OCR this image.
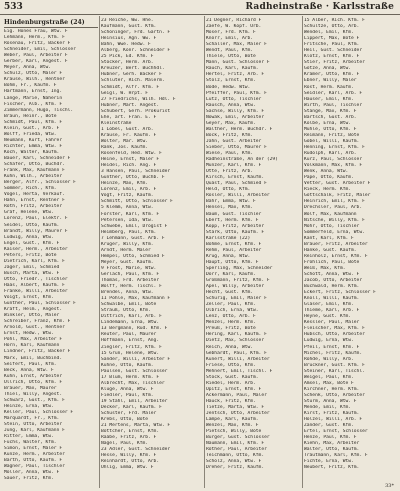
533	Radheinstraße · Karlsstraße
Hindenburgstraße (24)
Eig. Hönes Frau, Wtw. F
Lehmann, Herm., Kfm. F
Rosenau, Fritz, Bäcker F
Schneider, Emil, Schlosser
Weber, Paul, Arbeiter F
Gerber, Karl, Angest. F
Meyer, Anna, Wtw.
Schulz, Otto, Maler F
Krause, Wilh., Rentner
Böhm, Fr., Kaufm. F
Hartmann, Ernst, Ing.
Lange, Marie, Näherin
Fischer, Alb., Kfm. F
Zimmermann, Hugo, Tischl.
Braun, Heinr., Bote
Schmidt, Paul, Kfm. F
Klein, Gust., Arb. F
Wolff, Frieda, Wtw.
Neumann, Kurt, Fahrer
Richter, Emma, Wtw. F
Koch, Walter, Kaufm.
Bauer, Karl, Schneider F
Schäfer, Otto, Buchdr.
Frank, Max, Kaufmann F
Kühn, Wilh., Arbeiter
Berger, Alfr., Schlosser F
Sommer, Rich., Kfm.
Vogel, Herta, Verkäuf.
Hahn, Ernst, Rentner F
Roth, Fritz, Arbeiter
Graf, Helene, Wtw.
Lorenz, Paul, Elektr. F
Seidel, Otto, Kaufm.
Brandt, Willy, Maurer F
Ludwig, Anna, Wtw.
Engel, Gust., Kfm. F
Kaiser, Herm., Arbeiter
Peters, Fritz, Bote
Dietrich, Karl, Kfm. F
Jäger, Emil, Schmied
Busch, Marta, Wtw. F
Otto, Friedr., Tischler
Haas, Albert, Kaufm. F
Franke, Willi, Arbeiter
Voigt, Ernst, Kfm.
Günther, Paul, Schlosser F
Kraft, Helm., Angest.
Winkler, Otto, Maler
Schreiber, Franz, Kfm. F
Arnold, Gust., Rentner
Ernst, Hedw., Wtw.
Pohl, Max, Arbeiter F
Horn, Karl, Kaufmann
Lindner, Fritz, Bäcker F
Marx, Emil, Buchbind.
Seifert, Paul, Kfm.
Beck, Anna, Wtw. F
Kuhn, Ernst, Arbeiter
Ullrich, Otto, Kfm. F
Brauer, Max, Maurer
Thiel, Willy, Angest.
Schwarz, Gust., Kfm. F
Heinze, Erna, Wtw.
Keller, Paul, Schlosser F
Marquardt, Fr., Kfm.
Stein, Otto, Arbeiter
Jung, Karl, Kaufmann F
Ritter, Emma, Wtw.
Fuchs, Walter, Kfm.
Simon, Ernst, Maler F
Kunze, Herm., Arbeiter
Barth, Otto, Kaufm. F
Wagner, Paul, Tischler
Möller, Anna, Wtw. F
Sauer, Fritz, Kfm.
23 Reiche, Ww. Hhe.
Kaufmann, Gust. Kfm.
Schöninger, Frd. Gartn. F
Heinsius, Agn. Ww. F
Bahn, Wwe. Hedw. F
Alberg, Konr. Schneider F
25 Pick, Ed. Kfm. F
Stöcker, Herm. Arb.
Kreuzer, Bert. Buchhdl.
Hübner, Gerh. Bäcker F
Schlüter, Rich. Malerm.
Schmidt, Alfr. Kfm. F
Geigl, W. Hrpt. F
27 Friedrichs, Wilh. Hdl. F
Hübner, Mart. Angest.
Schubert, Gerh. Prokurist
Ehe, art. Fran. E. F
Kleinstraße
1 Löbel, Gust. Arb.
Krause, Fr. Kaufm. F
Wolter, Mar. Wtw.
Rank, Jos. Kaufm.
Rosenfeld, Hed. Wtw. F
Heine, Ernst, Maler F
Heidel, Rich. Ang. F
3 Hansen, Paul, Schneider
Günther, Otto, Buchb. F
Heinze, Max, Kfm.
Lorenz, Emil, Arb. F
Vogt, Fritz, Kaufm.
Schmitt, Otto, Schlosser F
5 Klemm, Anna, Wtw.
Förster, Karl, Kfm. F
Petersen, Ida, Wtw.
Schwebe, Emil, Drogist F
Heimberg, Paul, Kfm.
7 Lehmann, Gust. Arb. F
Krüger, Willy, Kfm.
Arndt, Herm. Maler
Hempel, Otto, Schmied F
Meyer, Gust. Kaufm.
9 Frost, Marie, Wtw.
Gerlach, Paul, Kfm. F
Thomas, Frd. Arbeiter
Wolff, Herm. Tischl. F
Brendel, Anna, Wtw.
11 Pohle, Max, Kaufmann F
Schwalbe, Emil, Bote
Strauß, Otto, Kfm.
Dittrich, Karl, Arb. F
Lindemann, Erna, Wtw.
13 Bergmann, Rud. Kfm. F
Reuter, Paul, Maurer
Hoffmann, Ernst, Ang.
Ziegler, Fritz, Kfm. F
15 Grün, Helene, Wtw.
Sander, Willi, Arbeiter F
Kühne, Otto, Kaufm.
Paulsen, Gust. Schlosser
17 Blum, Herm. Kfm. F
Albrecht, Max, Tischler
Kluge, Anna, Wtw. F
Fiedler, Paul, Kfm.
19 Stahl, Emil, Arbeiter
Decker, Karl, Kaufm. F
Schuster, Frd. Maler
Krebs, Otto, Bote
21 Mertens, Marta, Wtw. F
Böttcher, Ernst, Kfm.
Raabe, Fritz, Arb. F
Nagel, Paul, Kfm.
23 Adler, Gust. Schneider
Hesse, Willy, Kfm. F
Reinhardt, Otto, Arb.
Uhlig, Emma, Wtw. F
21 Degner, Richard F
Zaefe, W. Kopf. Urb.
Moser, Frd. Kfm. F
Knorr, Emil, Arb.
Schaller, Max, Maler F
Wendt, Paul, Kfm.
Thiele, Otto, Bote
Mann, Gust. Schlosser F
Rauch, Karl, Kaufm.
Hertel, Fritz, Arb. F
Stolz, Ernst, Kfm.
Bode, Hedw. Wtw.
Pfeiffer, Paul, Kfm. F
Lutz, Otto, Tischler
Rausch, Anna, Wtw.
Sachse, Willy, Kfm. F
Nowak, Emil, Arbeiter
Geyer, Max, Kaufm.
Walther, Herm. Buchdr. F
Bock, Fritz, Kfm.
Jahn, Gust. Arbeiter
Sieber, Otto, Maurer F
Wiese, Paul, Kfm.
Radheinstraße, An der (29)
Münzer, Karl, Kfm. F
Otte, Fritz, Arb.
Kirsch, Ernst, Kaufm.
Quast, Paul, Schmied F
Held, Otto, Kfm.
Rösler, Willi, Arbeiter
Bahr, Emma, Wtw. F
Hensel, Max, Kfm.
Baum, Gust. Tischler
Ebert, Herm. Kfm. F
Kopp, Fritz, Arbeiter
Stark, Otto, Kaufm. F
Karlsstraße (22)
Böhme, Ernst, Kfm. F
Rehm, Paul, Arbeiter
Krug, Anna, Wtw.
Haupt, Otto, Kfm. F
Sperling, Max, Schneider
Dörr, Karl, Kaufm.
Großmann, Fritz, Kfm. F
Apel, Willy, Arbeiter
Hecht, Gust. Kfm.
Schurig, Emil, Maler F
Zeller, Paul, Kfm.
Olbrich, Erna, Wtw.
Lenz, Otto, Arb. F
Menzel, Herm. Kfm.
Preuß, Fritz, Bote
Hering, Karl, Kaufm. F
Dietz, Max, Schlosser
Reich, Anna, Wtw.
Gebhardt, Paul, Kfm. F
Kunert, Willi, Arbeiter
Friese, Otto, Kfm.
Mehnert, Emil, Tischl. F
Stock, Gust. Kaufm.
Riedel, Herm. Arb.
Opitz, Ernst, Kfm. F
Ackermann, Paul, Maler
Hauck, Fritz, Kfm.
Tietze, Marta, Wtw. F
Jentsch, Otto, Arbeiter
Lampe, Karl, Kaufm.
Wenzel, Max, Kfm. F
Pietsch, Willy, Bote
Bürger, Gust. Schlosser
Naumann, Emil, Kfm. F
Rother, Paul, Arbeiter
Teichmann, Otto, Kfm.
Scholz, Anna, Wtw. F
Dreher, Fritz, Kaufm.
15 Alber, Rich. Kfm. F
Schultze, Otto, Arb.
Wendel, Emil, Kfm.
Lippert, Max, Bote F
Fritsche, Paul, Kfm.
Heil, Gust. Schneider
Klotz, Ernst, Kfm. F
Stier, Fritz, Arbeiter
Götze, Anna, Wtw.
Kramer, Otto, Kfm. F
Ebner, Willy, Maler
Rost, Herm. Kaufm.
Seidler, Karl, Arb. F
Hauser, Emil, Kfm.
Wirth, Paul, Tischler
Stange, Max, Kfm. F
Bartsch, Gust. Arb.
Kolbe, Erna, Wtw.
Mühle, Otto, Kfm. F
Reimann, Fritz, Bote
Göbel, Willi, Kaufm.
Henning, Ernst, Kfm. F
Rudolph, Karl, Arb.
Kurz, Paul, Schlosser
Volkmann, Max, Kfm. F
Wenk, Anna, Wtw.
Pape, Otto, Kaufm.
Vetter, Gust. Arbeiter F
Rieck, Herm. Kfm.
Gottschalk, Fritz, Maler
Heinrich, Emil, Kfm. F
Drechsler, Paul, Arb.
Wolf, Max, Kaufmann
Nitsche, Willy, Kfm. F
Mohr, Otto, Tischler
Sommerfeld, Erna, Wtw.
Kant, Karl, Kfm. F
Bräuer, Fritz, Arbeiter
Hanke, Gust. Kaufm.
Reinholz, Ernst, Kfm. F
Fröhlich, Paul, Bote
Weiß, Max, Kfm.
Schott, Anna, Wtw. F
Jacob, Otto, Arbeiter
Buchwald, Herm. Kfm.
Eckert, Fritz, Schlosser F
Knoll, Willi, Kaufm.
Glaser, Emil, Kfm.
Thieme, Karl, Arb. F
Heyne, Gust. Kfm.
Kessler, Paul, Maler
Fleischer, Max, Kfm. F
Hübsch, Otto, Arbeiter
Ludwig, Erna, Wtw.
Pfeil, Ernst, Kfm. F
Michel, Fritz, Kaufm.
Rohde, Willy, Arb.
Brückner, Gust. Kfm. F
Steiner, Karl, Tischl.
Weigel, Paul, Kfm.
Amsel, Max, Bote F
Kirchner, Herm. Kfm.
Schenk, Otto, Arbeiter
Sturm, Anna, Wtw. F
Mende, Emil, Kfm.
Kirst, Fritz, Kaufm.
Hölzel, Willi, Arb. F
Zander, Gust. Kfm.
Ertel, Ernst, Schlosser
Henze, Paul, Kfm. F
Kiehn, Max, Arbeiter
Walter, Otto, Kaufm.
Trautmann, Karl, Kfm. F
Fichte, Erna, Wtw.
Neubert, Fritz, Kfm.
33*
